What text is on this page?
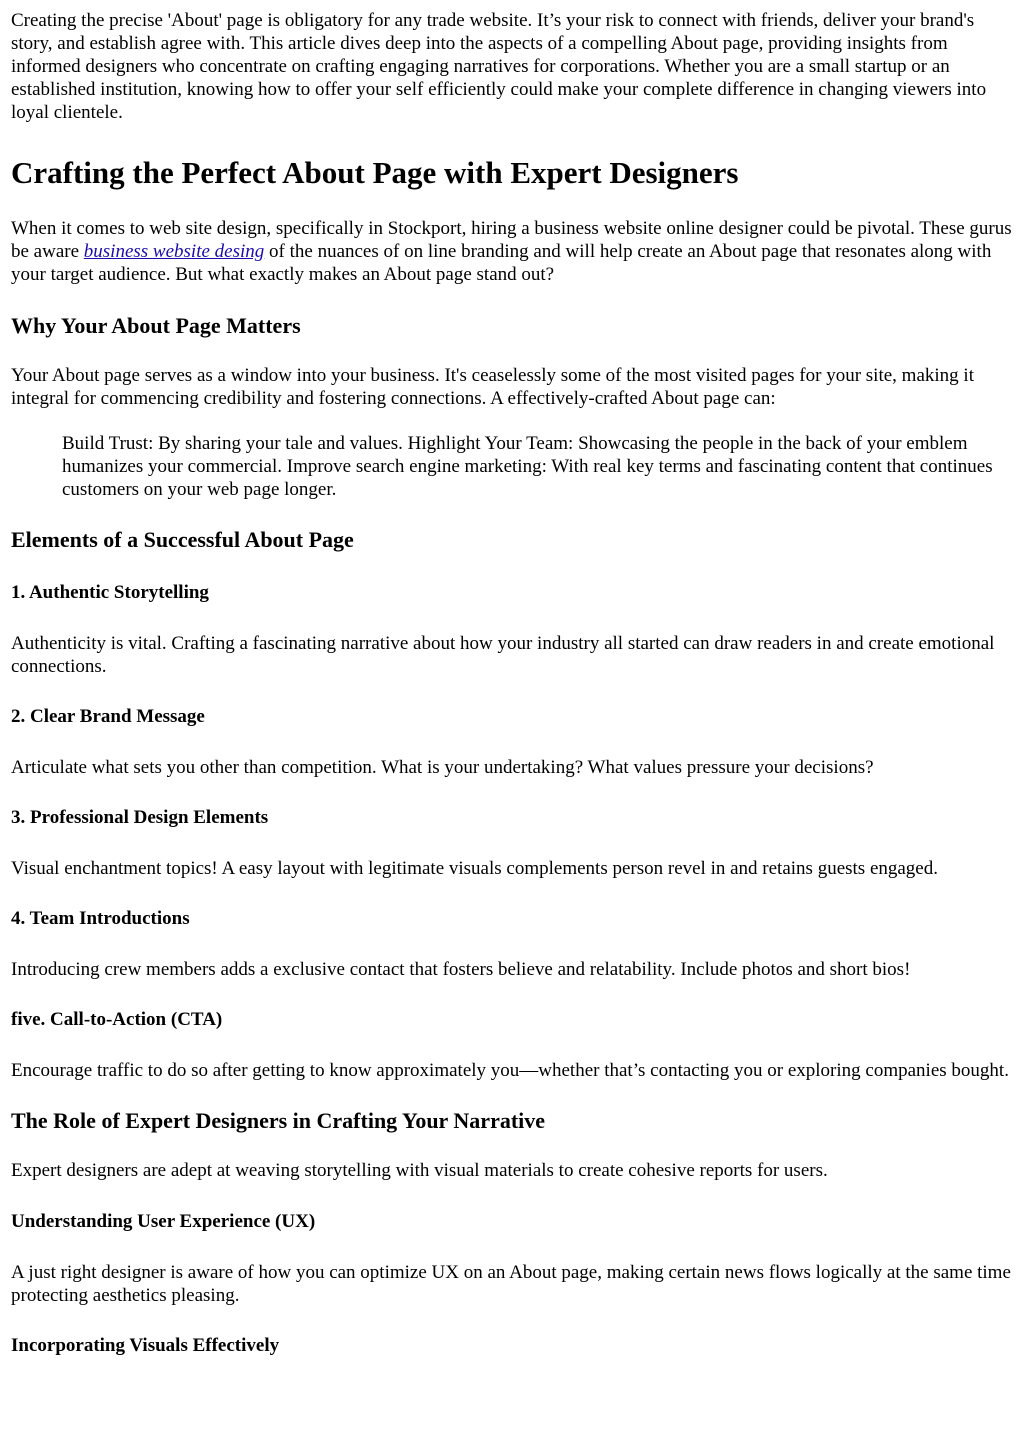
Creating the precise 'About' page is obligatory for any trade website. It’s your risk to connect with friends, deliver your brand's story, and establish agree with. This article dives deep into the aspects of a compelling About page, providing insights from informed designers who concentrate on crafting engaging narratives for corporations. Whether you are a small startup or an established institution, knowing how to offer your self efficiently could make your complete difference in changing viewers into loyal clientele.

Crafting the Perfect About Page with Expert Designers

When it comes to web site design, specifically in Stockport, hiring a business website online designer could be pivotal. These gurus be aware business website desing of the nuances of on line branding and will help create an About page that resonates along with your target audience. But what exactly makes an About page stand out?

Why Your About Page Matters

Your About page serves as a window into your business. It's ceaselessly some of the most visited pages for your site, making it integral for commencing credibility and fostering connections. A effectively-crafted About page can:

Build Trust: By sharing your tale and values. Highlight Your Team: Showcasing the people in the back of your emblem humanizes your commercial. Improve search engine marketing: With real key terms and fascinating content that continues customers on your web page longer.
Elements of a Successful About Page
1. Authentic Storytelling

Authenticity is vital. Crafting a fascinating narrative about how your industry all started can draw readers in and create emotional connections.

2. Clear Brand Message

Articulate what sets you other than competition. What is your undertaking? What values pressure your decisions?

3. Professional Design Elements

Visual enchantment topics! A easy layout with legitimate visuals complements person revel in and retains guests engaged.

4. Team Introductions

Introducing crew members adds a exclusive contact that fosters believe and relatability. Include photos and short bios!

five. Call-to-Action (CTA)

Encourage traffic to do so after getting to know approximately you—whether that’s contacting you or exploring companies bought.

The Role of Expert Designers in Crafting Your Narrative

Expert designers are adept at weaving storytelling with visual materials to create cohesive reports for users.

Understanding User Experience (UX)

A just right designer is aware of how you can optimize UX on an About page, making certain news flows logically at the same time protecting aesthetics pleasing.

Incorporating Visuals Effectively
